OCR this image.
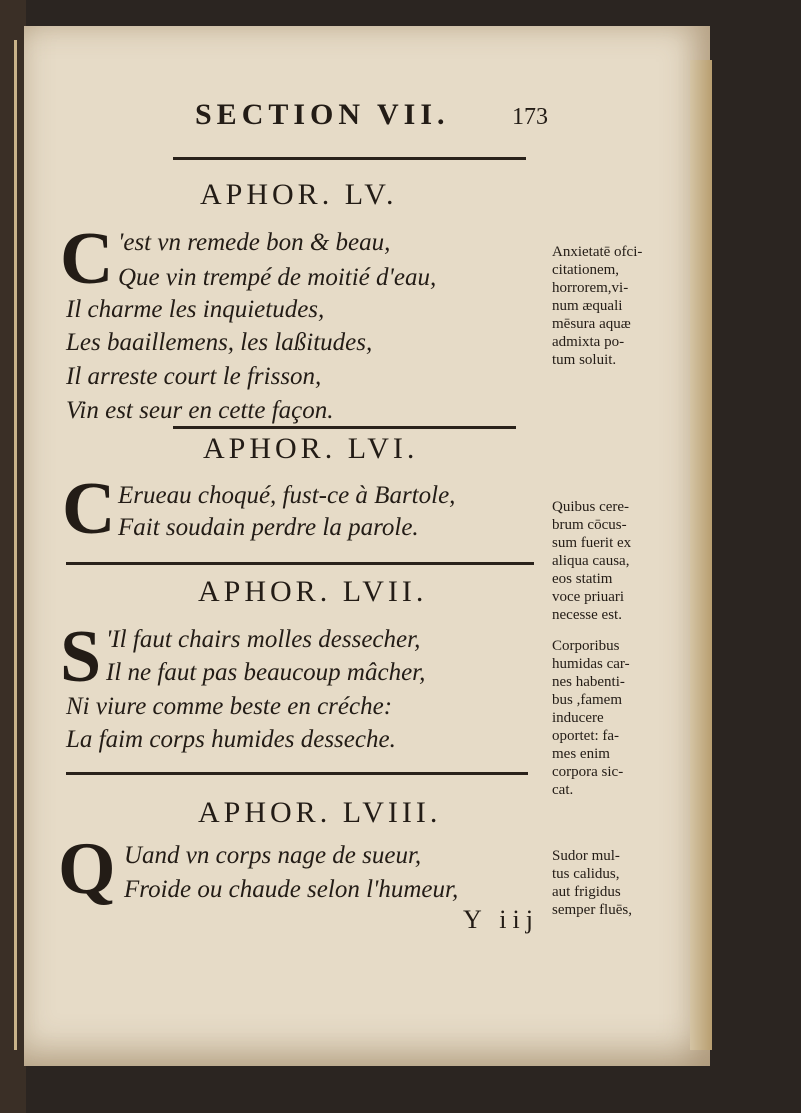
SECTION VII.	173
APHOR. LV.
C 'est vn remede bon & beau,
Que vin trempé de moitié d'eau,
Il charme les inquietudes,
Les baaillemens, les laßitudes,
Il arreste court le frisson,
Vin est seur en cette façon.
Anxietatē ofci-
citationem,
horrorem,vi-
num æquali
mēsura aquæ
admixta po-
tum soluit.
APHOR. LVI.
C Erueau choqué, fust-ce à Bartole,
Fait soudain perdre la parole.
Quibus cere-
brum cōcus-
sum fuerit ex
aliqua causa,
eos statim
voce priuari
necesse est.
APHOR. LVII.
S 'Il faut chairs molles dessecher,
Il ne faut pas beaucoup mâcher,
Ni viure comme beste en créche:
La faim corps humides desseche.
Corporibus
humidas car-
nes habenti-
bus ,famem
inducere
oportet: fa-
mes enim
corpora sic-
cat.
APHOR. LVIII.
Q Uand vn corps nage de sueur,
Froide ou chaude selon l'humeur,
Sudor mul-
tus calidus,
aut frigidus
semper fluēs,
Y iij
